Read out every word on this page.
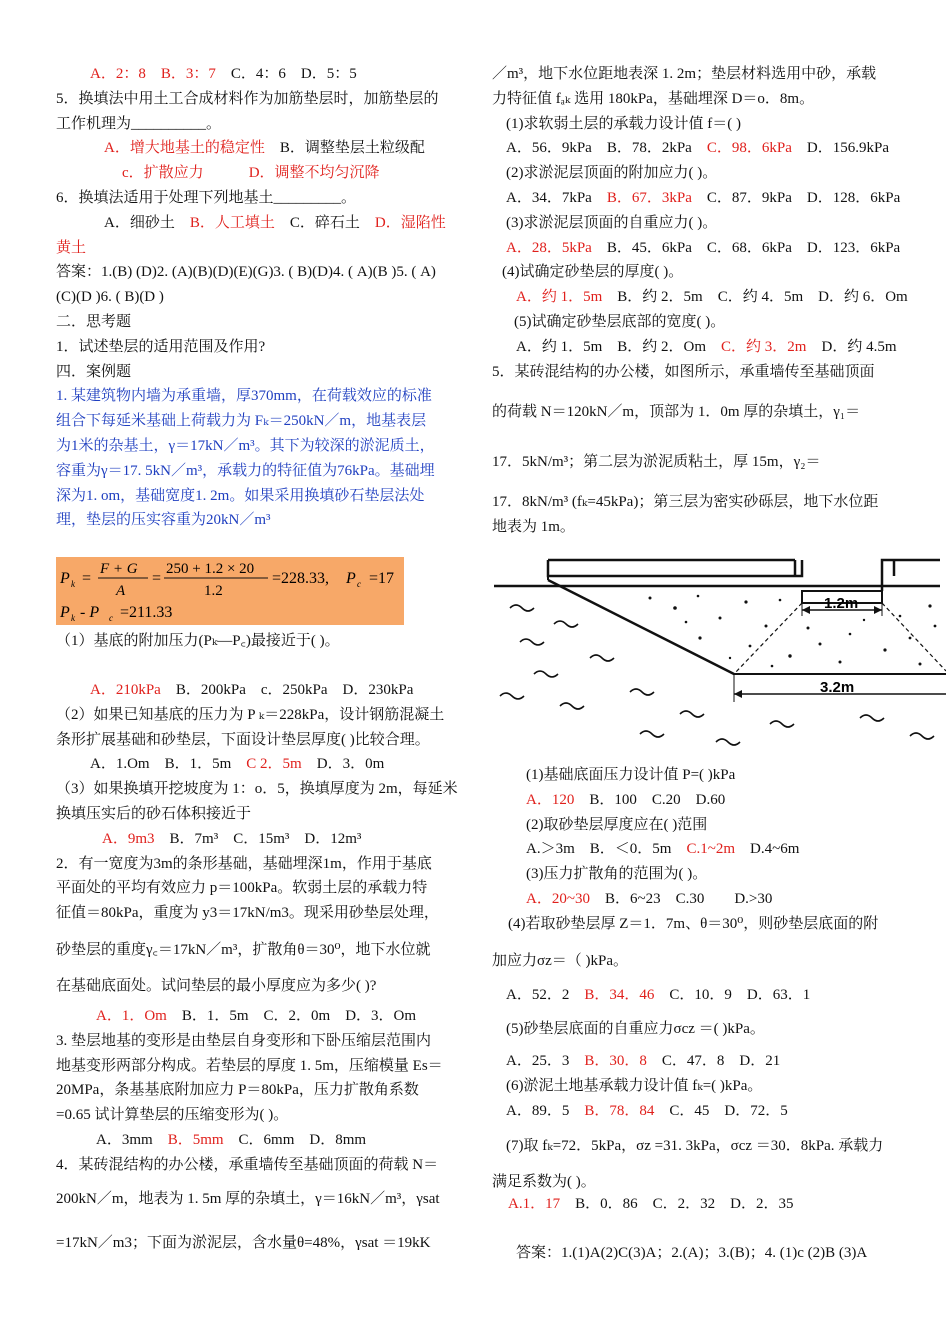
A．2：8　 B．3：7　 C．4：6　D．5：5
5．换填法中用土工合成材料作为加筋垫层时，加筋垫层的
工作机理为__________。
A．增大地基土的稳定性　 B．调整垫层土粒级配
c．扩散应力　　　	D．调整不均匀沉降
6．换填法适用于处理下列地基土_________。
A．细砂土　 B．人工填土　 C．碎石土　 D．湿陷性
黄土
答案：1.(B) (D)2. (A)(B)(D)(E)(G)3. ( B)(D)4. ( A)(B )5. ( A)
(C)(D )6. ( B)(D )
二．思考题
1．试述垫层的适用范围及作用?
四．案例题
1. 某建筑物内墙为承重墙，厚370mm，在荷载效应的标准
组合下每延米基础上荷载力为 Fₖ＝250kN／m，地基表层
为1米的杂基土，γ＝17kN／m³。其下为较深的淤泥质土，
容重为γ＝17. 5kN／m³，承载力的特征值为76kPa。基础埋
深为1. om，基础宽度1. 2m。如果采用换填砂石垫层法处
理，垫层的压实容重为20kN／m³
P k =
F + G
A
=
250 + 1.2 × 20
1.2
=228.33, P c =17
P k - P c =211.33
（1）基底的附加压力(Pₖ—P꜀)最接近于( )。
A．210kPa　 B．200kPa　c．250kPa　D．230kPa
（2）如果已知基底的压力为 P ₖ＝228kPa，设计钢筋混凝土
条形扩展基础和砂垫层，下面设计垫层厚度( )比较合理。
A．1.Om　B．1．5m　 C 2．5m　 D．3．0m
（3）如果换填开挖坡度为 1：o．5，换填厚度为 2m，每延米
换填压实后的砂石体积接近于
A．9m3　 B．7m³　C．15m³　D．12m³
2．有一宽度为3m的条形基础，基础埋深1m，作用于基底
平面处的平均有效应力 p＝100kPa。软弱土层的承载力特
征值＝80kPa，重度为 y3＝17kN/m3。现采用砂垫层处理，
砂垫层的重度γ꜀＝17kN／m³，扩散角θ＝30⁰，地下水位就
在基础底面处。试问垫层的最小厚度应为多少( )?
A．1．Om　 B．1．5m　C．2．0m　D．3．Om
3. 垫层地基的变形是由垫层自身变形和下卧压缩层范围内
地基变形两部分构成。若垫层的厚度 1. 5m，压缩模量 Es＝
20MPa，条基基底附加应力 P＝80kPa，压力扩散角系数
=0.65 试计算垫层的压缩变形为( )。
A．3mm　 B．5mm　 C．6mm　D．8mm
4．某砖混结构的办公楼，承重墙传至基础顶面的荷载 N＝
200kN／m，地表为 1. 5m 厚的杂填土，γ＝16kN／m³，γsat
=17kN／m3；下面为淤泥层，含水量θ=48%，γsat ＝19kK
／m³，地下水位距地表深 1. 2m；垫层材料选用中砂，承载
力特征值 fₐₖ 选用 180kPa，基础埋深 D＝o．8m。
(1)求软弱土层的承载力设计值 f＝( )
A．56．9kPa　B．78．2kPa　 C．98．6kPa　 D．156.9kPa
(2)求淤泥层顶面的附加应力( )。
A．34．7kPa　 B．67．3kPa　 C．87．9kPa　D．128．6kPa
(3)求淤泥层顶面的自重应力( )。
A．28．5kPa　 B．45．6kPa　C．68．6kPa　D．123．6kPa
(4)试确定砂垫层的厚度( )。
A．约 1．5m　 B．约 2．5m　C．约 4．5m　D．约 6．Om
(5)试确定砂垫层底部的宽度( )。
A．约 1．5m　B．约 2．Om　 C．约 3．2m　 D．约 4.5m
5．某砖混结构的办公楼，如图所示，承重墙传至基础顶面
的荷载 N＝120kN／m，顶部为 1．0m 厚的杂填土，γ₁＝
17．5kN/m³；第二层为淤泥质粘土，厚 15m，γ₂＝
17．8kN/m³ (fₖ=45kPa)；第三层为密实砂砾层，地下水位距
地表为 1m。
1.2m
3.2m
(1)基础底面压力设计值 P=( )kPa
A．120　 B．100　C.20　D.60
(2)取砂垫层厚度应在( )范围
A.＞3m　B．＜0．5m　 C.1~2m　 D.4~6m
(3)压力扩散角的范围为( )。
A．20~30　 B．6~23　C.30　　D.>30
(4)若取砂垫层厚 Z＝1．7m、θ＝30⁰，则砂垫层底面的附
加应力σz＝（ )kPa。
A．52．2　 B．34．46　 C．10．9　D．63．1
(5)砂垫层底面的自重应力σcz ＝( )kPa。
A．25．3　 B．30．8　 C．47．8　D．21
(6)淤泥土地基承载力设计值 fₖ=( )kPa。
A．89．5　 B．78．84　 C．45　D．72．5
(7)取 fₖ=72．5kPa，σz =31. 3kPa，σcz ＝30．8kPa. 承载力
满足系数为( )。
A.1．17　 B．0．86　C．2．32　D．2．35
答案：1.(1)A(2)C(3)A；2.(A)；3.(B)；4. (1)c (2)B (3)A
